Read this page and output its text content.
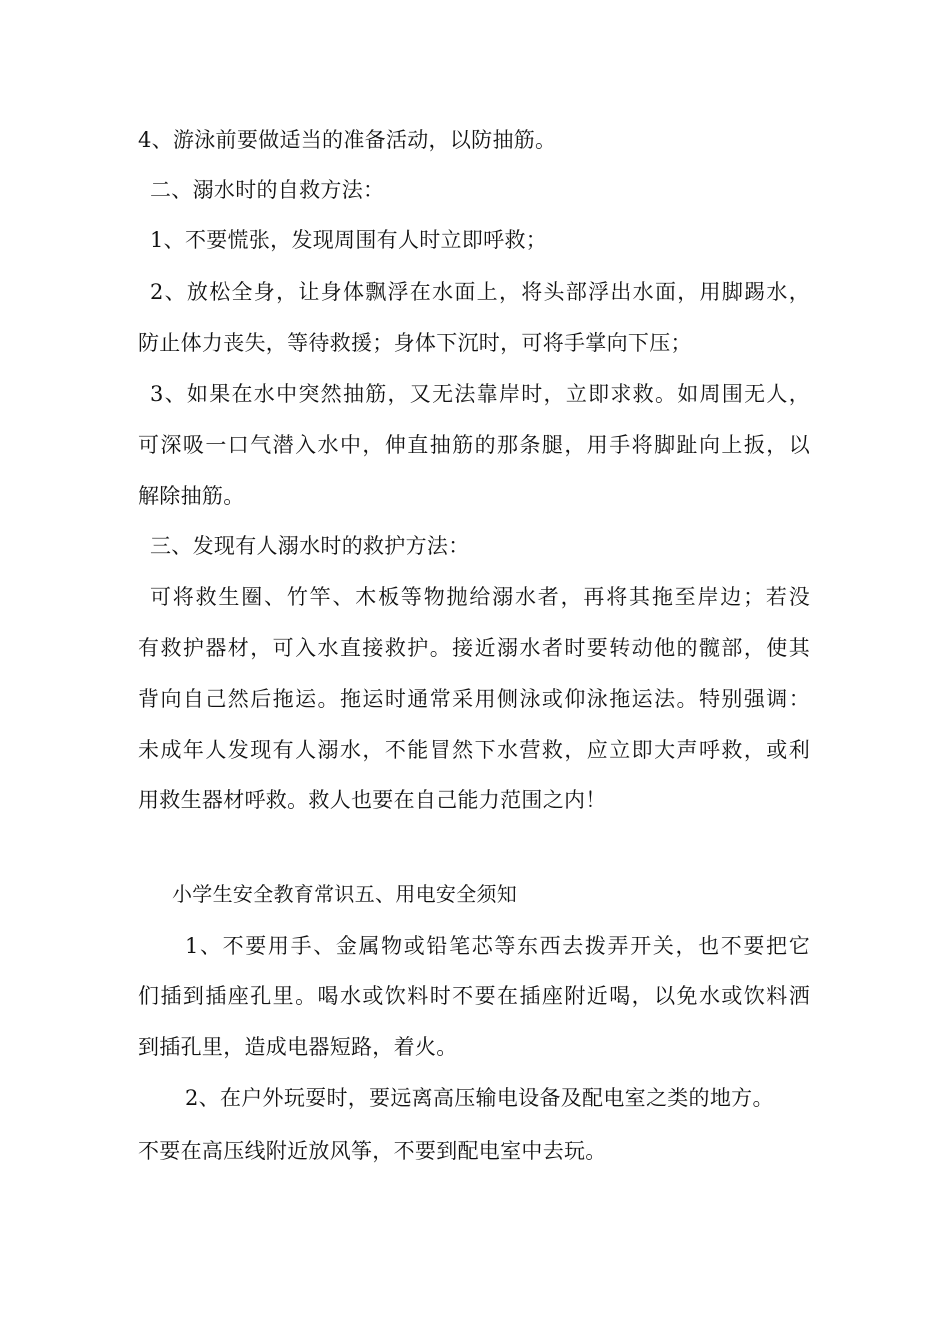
4、游泳前要做适当的准备活动，以防抽筋。
二、溺水时的自救方法：
1、不要慌张，发现周围有人时立即呼救；
2、放松全身，让身体飘浮在水面上，将头部浮出水面，用脚踢水，
防止体力丧失，等待救援；身体下沉时，可将手掌向下压；
3、如果在水中突然抽筋，又无法靠岸时，立即求救。如周围无人，
可深吸一口气潜入水中，伸直抽筋的那条腿，用手将脚趾向上扳，以
解除抽筋。
三、发现有人溺水时的救护方法：
可将救生圈、竹竿、木板等物抛给溺水者，再将其拖至岸边；若没
有救护器材，可入水直接救护。接近溺水者时要转动他的髋部，使其
背向自己然后拖运。拖运时通常采用侧泳或仰泳拖运法。特别强调：
未成年人发现有人溺水，不能冒然下水营救，应立即大声呼救，或利
用救生器材呼救。救人也要在自己能力范围之内！
小学生安全教育常识五、用电安全须知
1、不要用手、金属物或铅笔芯等东西去拨弄开关，也不要把它
们插到插座孔里。喝水或饮料时不要在插座附近喝，以免水或饮料洒
到插孔里，造成电器短路，着火。
2、在户外玩耍时，要远离高压输电设备及配电室之类的地方。
不要在高压线附近放风筝，不要到配电室中去玩。
